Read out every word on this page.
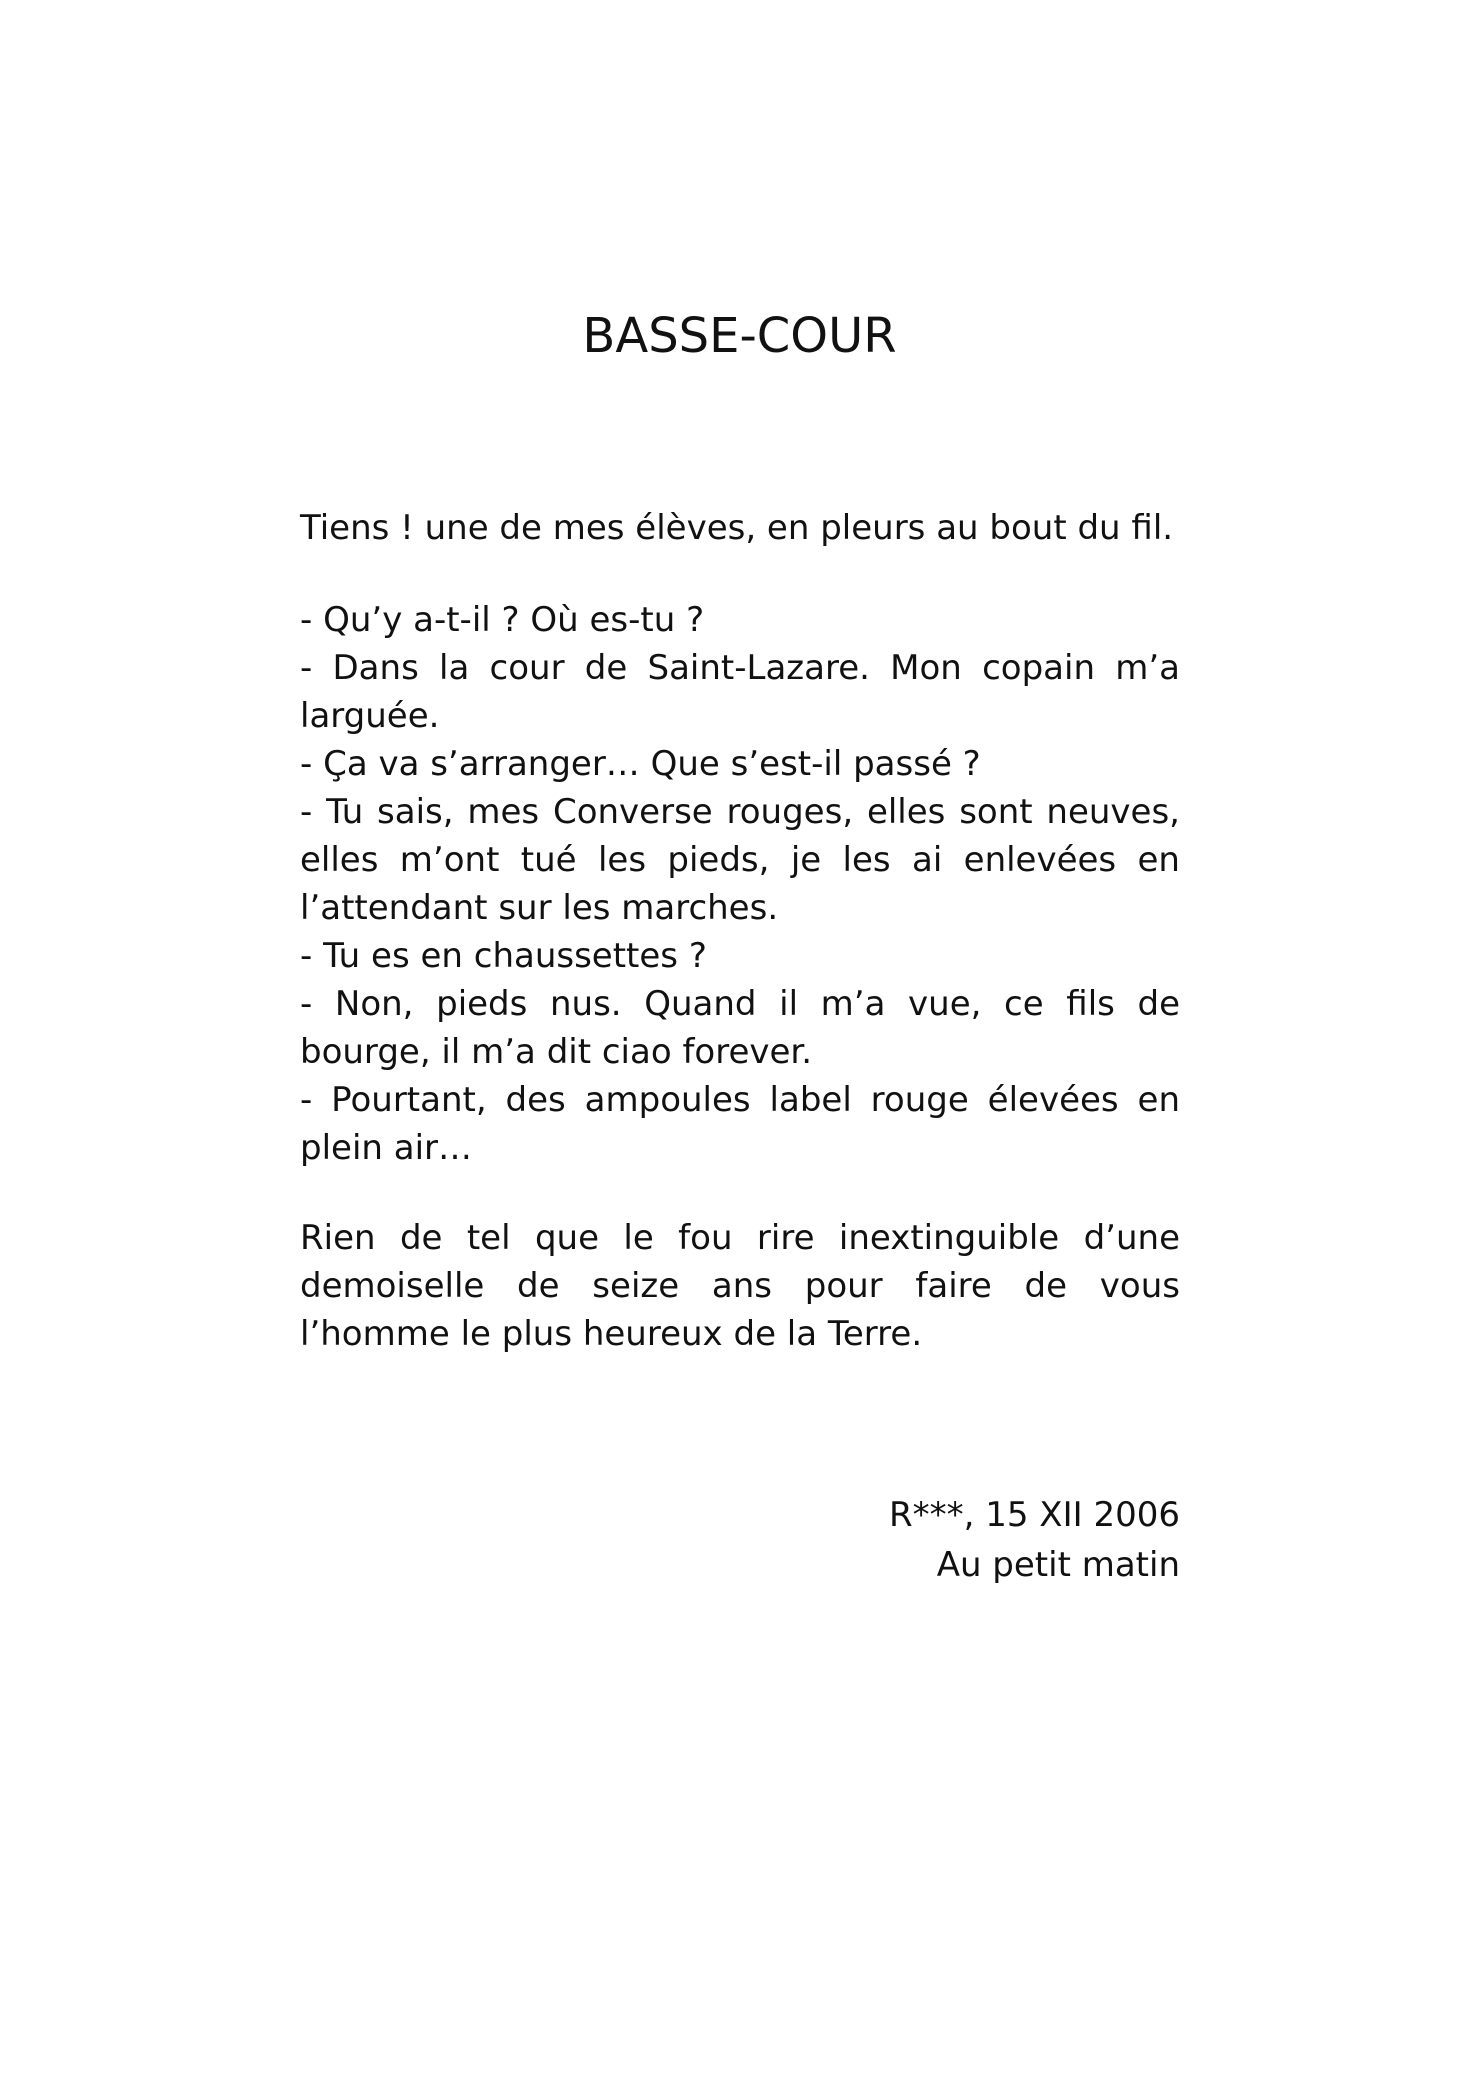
BASSE-COUR

Tiens ! une de mes élèves, en pleurs au bout du fil.

- Qu’y a-t-il ? Où es-tu ?
- Dans la cour de Saint-Lazare. Mon copain m’a larguée.
- Ça va s’arranger… Que s’est-il passé ?
- Tu sais, mes Converse rouges, elles sont neuves, elles m’ont tué les pieds, je les ai enlevées en l’attendant sur les marches.
- Tu es en chaussettes ?
- Non, pieds nus. Quand il m’a vue, ce fils de bourge, il m’a dit ciao forever.
- Pourtant, des ampoules label rouge élevées en plein air…

Rien de tel que le fou rire inextinguible d’une demoiselle de seize ans pour faire de vous l’homme le plus heureux de la Terre.

R***, 15 XII 2006
Au petit matin
